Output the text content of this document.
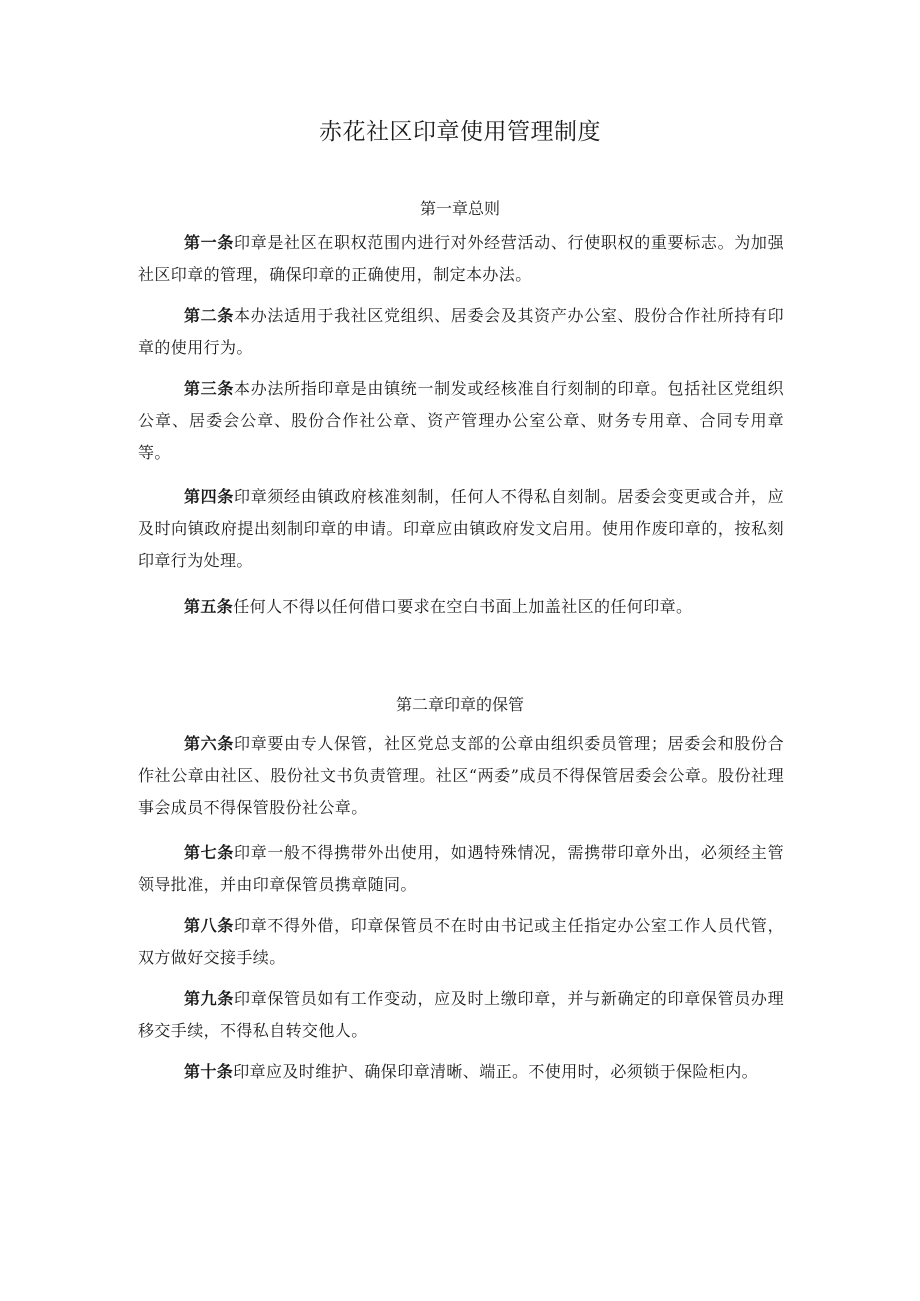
赤花社区印章使用管理制度
第一章总则

第一条印章是社区在职权范围内进行对外经营活动、行使职权的重要标志。为加强社区印章的管理，确保印章的正确使用，制定本办法。

第二条本办法适用于我社区党组织、居委会及其资产办公室、股份合作社所持有印章的使用行为。

第三条本办法所指印章是由镇统一制发或经核准自行刻制的印章。包括社区党组织公章、居委会公章、股份合作社公章、资产管理办公室公章、财务专用章、合同专用章等。

第四条印章须经由镇政府核准刻制，任何人不得私自刻制。居委会变更或合并，应及时向镇政府提出刻制印章的申请。印章应由镇政府发文启用。使用作废印章的，按私刻印章行为处理。

第五条任何人不得以任何借口要求在空白书面上加盖社区的任何印章。

第二章印章的保管

第六条印章要由专人保管，社区党总支部的公章由组织委员管理；居委会和股份合作社公章由社区、股份社文书负责管理。社区“两委”成员不得保管居委会公章。股份社理事会成员不得保管股份社公章。

第七条印章一般不得携带外出使用，如遇特殊情况，需携带印章外出，必须经主管领导批准，并由印章保管员携章随同。

第八条印章不得外借，印章保管员不在时由书记或主任指定办公室工作人员代管，双方做好交接手续。

第九条印章保管员如有工作变动，应及时上缴印章，并与新确定的印章保管员办理移交手续，不得私自转交他人。

第十条印章应及时维护、确保印章清晰、端正。不使用时，必须锁于保险柜内。
